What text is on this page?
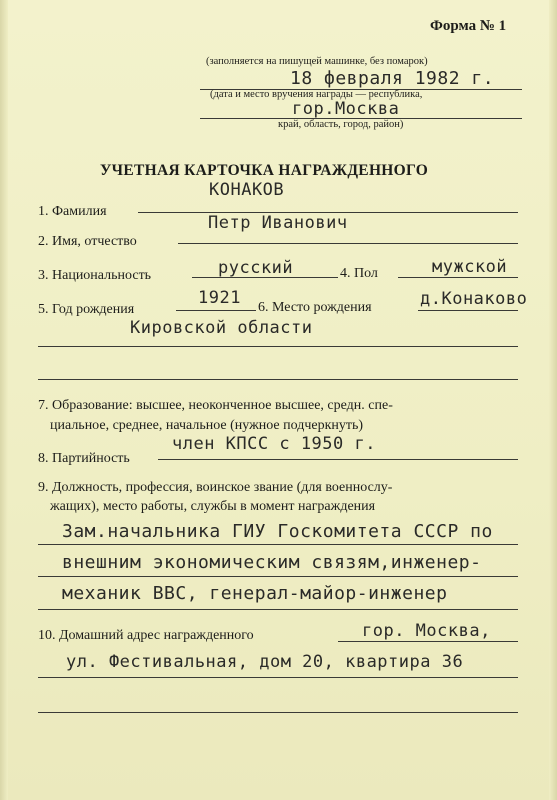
Форма № 1
(заполняется на пишущей машинке, без помарок)
18 февраля 1982 г.
(дата и место вручения награды — республика,
гор.Москва
край, область, город, район)
УЧЕТНАЯ КАРТОЧКА НАГРАЖДЕННОГО
КОНАКОВ
1. Фамилия
Петр Иванович
2. Имя, отчество
русский
3. Национальность	4. Пол	мужской
1921
5. Год рождения	6. Место рождения	д.Конаково
Кировской области
7. Образование: высшее, неоконченное высшее, средн. спе-
циальное, среднее, начальное (нужное подчеркнуть)
член КПСС с 1950 г.
8. Партийность
9. Должность, профессия, воинское звание (для военнослу-
жащих), место работы, службы в момент награждения
Зам.начальника ГИУ Госкомитета СССР по
внешним экономическим связям,инженер-
механик ВВС, генерал-майор-инженер
10. Домашний адрес награжденного	гор. Москва,
ул. Фестивальная, дом 20, квартира 36
